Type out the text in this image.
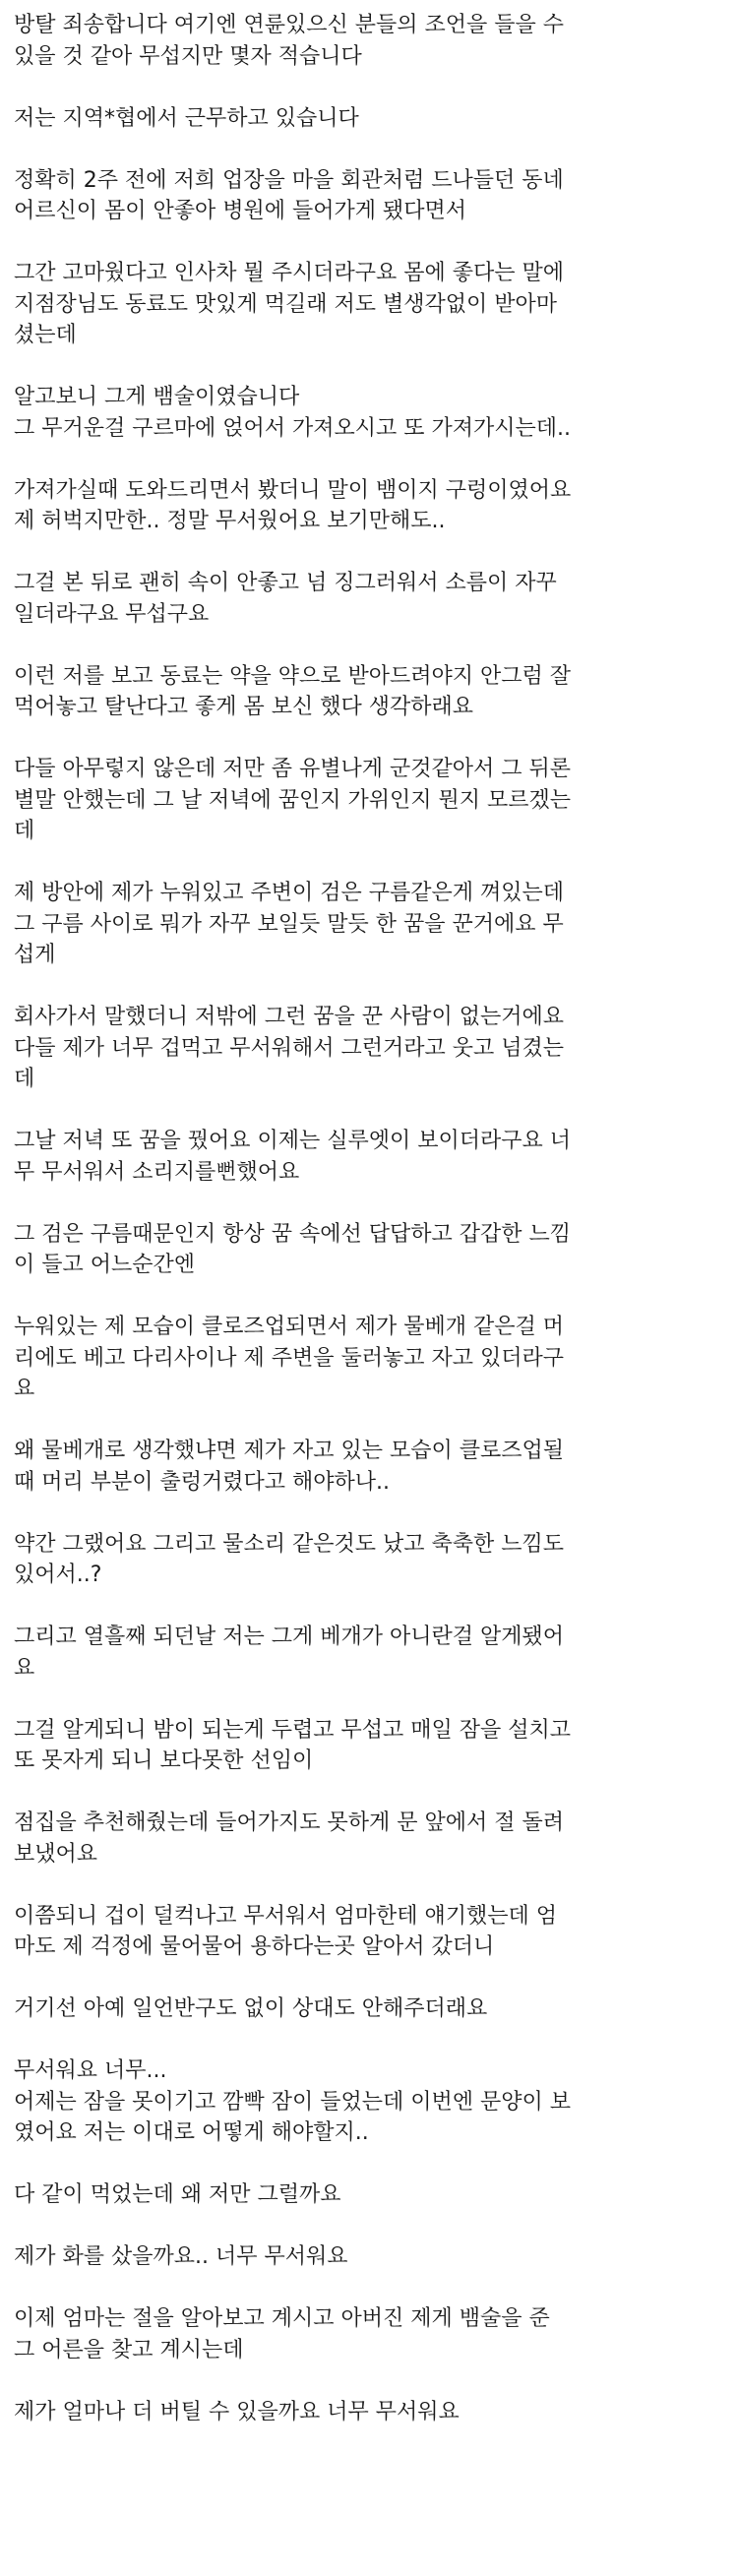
방탈 죄송합니다 여기엔 연륜있으신 분들의 조언을 들을 수
있을 것 같아 무섭지만 몇자 적습니다
저는 지역*협에서 근무하고 있습니다
정확히 2주 전에 저희 업장을 마을 회관처럼 드나들던 동네
어르신이 몸이 안좋아 병원에 들어가게 됐다면서
그간 고마웠다고 인사차 뭘 주시더라구요 몸에 좋다는 말에
지점장님도 동료도 맛있게 먹길래 저도 별생각없이 받아마
셨는데
알고보니 그게 뱀술이였습니다
그 무거운걸 구르마에 얹어서 가져오시고 또 가져가시는데..
가져가실때 도와드리면서 봤더니 말이 뱀이지 구렁이였어요
제 허벅지만한.. 정말 무서웠어요 보기만해도..
그걸 본 뒤로 괜히 속이 안좋고 넘 징그러워서 소름이 자꾸
일더라구요 무섭구요
이런 저를 보고 동료는 약을 약으로 받아드려야지 안그럼 잘
먹어놓고 탈난다고 좋게 몸 보신 했다 생각하래요
다들 아무렇지 않은데 저만 좀 유별나게 군것같아서 그 뒤론
별말 안했는데 그 날 저녁에 꿈인지 가위인지 뭔지 모르겠는
데
제 방안에 제가 누워있고 주변이 검은 구름같은게 껴있는데
그 구름 사이로 뭐가 자꾸 보일듯 말듯 한 꿈을 꾼거에요 무
섭게
회사가서 말했더니 저밖에 그런 꿈을 꾼 사람이 없는거에요
다들 제가 너무 겁먹고 무서워해서 그런거라고 웃고 넘겼는
데
그날 저녁 또 꿈을 꿨어요 이제는 실루엣이 보이더라구요 너
무 무서워서 소리지를뻔했어요
그 검은 구름때문인지 항상 꿈 속에선 답답하고 갑갑한 느낌
이 들고 어느순간엔
누워있는 제 모습이 클로즈업되면서 제가 물베개 같은걸 머
리에도 베고 다리사이나 제 주변을 둘러놓고 자고 있더라구
요
왜 물베개로 생각했냐면 제가 자고 있는 모습이 클로즈업될
때 머리 부분이 출렁거렸다고 해야하나..
약간 그랬어요 그리고 물소리 같은것도 났고 축축한 느낌도
있어서..?
그리고 열흘째 되던날 저는 그게 베개가 아니란걸 알게됐어
요
그걸 알게되니 밤이 되는게 두렵고 무섭고 매일 잠을 설치고
또 못자게 되니 보다못한 선임이
점집을 추천해줬는데 들어가지도 못하게 문 앞에서 절 돌려
보냈어요
이쯤되니 겁이 덜컥나고 무서워서 엄마한테 얘기했는데 엄
마도 제 걱정에 물어물어 용하다는곳 알아서 갔더니
거기선 아예 일언반구도 없이 상대도 안해주더래요
무서워요 너무...
어제는 잠을 못이기고 깜빡 잠이 들었는데 이번엔 문양이 보
였어요 저는 이대로 어떻게 해야할지..
다 같이 먹었는데 왜 저만 그럴까요
제가 화를 샀을까요.. 너무 무서워요
이제 엄마는 절을 알아보고 계시고 아버진 제게 뱀술을 준
그 어른을 찾고 계시는데
제가 얼마나 더 버틸 수 있을까요 너무 무서워요
